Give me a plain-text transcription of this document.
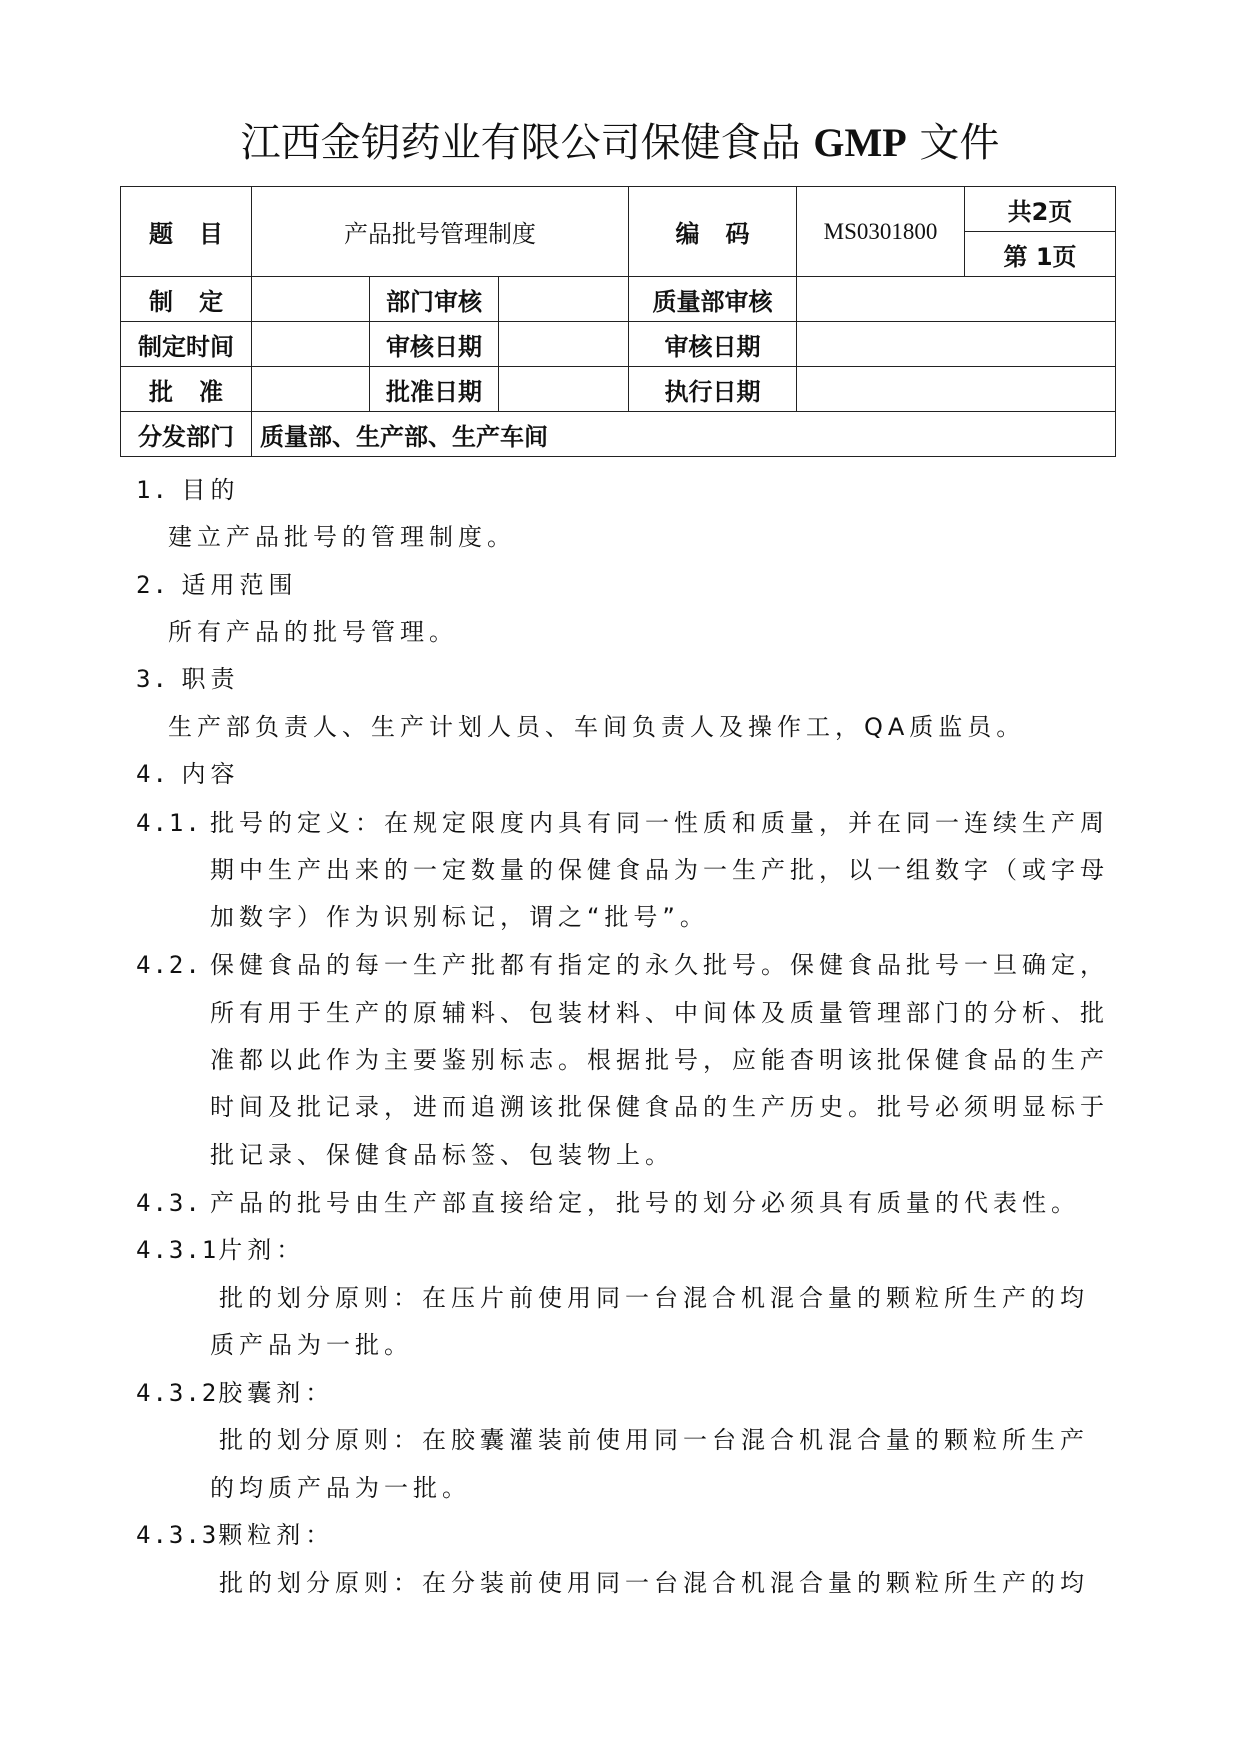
江西金钥药业有限公司保健食品 GMP 文件
题目	产品批号管理制度			编码	MS0301800	共2页
						第 1页
制定		部门审核		质量部审核		
制定时间		审核日期		审核日期		
批准		批准日期		执行日期		
分发部门	质量部、生产部、生产车间					
1. 目的
建立产品批号的管理制度。
2. 适用范围
所有产品的批号管理。
3. 职责
生产部负责人、生产计划人员、车间负责人及操作工，QA质监员。
4. 内容
4.1. 批号的定义：在规定限度内具有同一性质和质量，并在同一连续生产周
期中生产出来的一定数量的保健食品为一生产批，以一组数字（或字母
加数字）作为识别标记，谓之“批号”。
4.2. 保健食品的每一生产批都有指定的永久批号。保健食品批号一旦确定，
所有用于生产的原辅料、包装材料、中间体及质量管理部门的分析、批
准都以此作为主要鉴别标志。根据批号，应能杳明该批保健食品的生产
时间及批记录，进而追溯该批保健食品的生产历史。批号必须明显标于
批记录、保健食品标签、包装物上。
4.3. 产品的批号由生产部直接给定，批号的划分必须具有质量的代表性。
4.3.1片剂：
批的划分原则：在压片前使用同一台混合机混合量的颗粒所生产的均
质产品为一批。
4.3.2胶囊剂：
批的划分原则：在胶囊灌装前使用同一台混合机混合量的颗粒所生产
的均质产品为一批。
4.3.3颗粒剂：
批的划分原则：在分装前使用同一台混合机混合量的颗粒所生产的均
